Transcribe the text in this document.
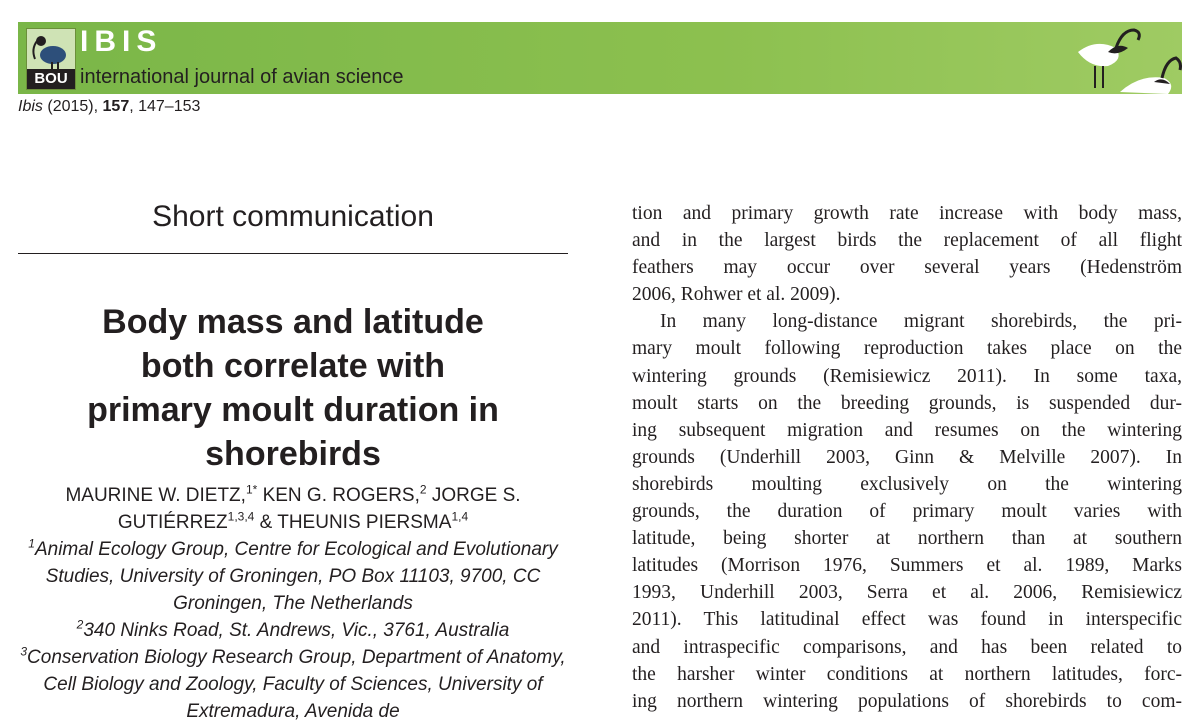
BOU
IBIS
international journal of avian science
Ibis (2015), 157, 147–153
Short communication
Body mass and latitude
both correlate with
primary moult duration in
shorebirds
MAURINE W. DIETZ,$^{1*}$ KEN G. ROGERS,$^2$ JORGE S. GUTIÉRREZ$^{1,3,4}$ & THEUNIS PIERSMA$^{1,4}$
$^1$Animal Ecology Group, Centre for Ecological and Evolutionary Studies, University of Groningen, PO Box 11103, 9700, CC Groningen, The Netherlands
$^2$340 Ninks Road, St. Andrews, Vic., 3761, Australia
$^3$Conservation Biology Research Group, Department of Anatomy, Cell Biology and Zoology, Faculty of Sciences, University of Extremadura, Avenida de

tion and primary growth rate increase with body mass,

and in the largest birds the replacement of all flight

feathers may occur over several years (Hedenström

2006, Rohwer et al. 2009).

In many long-distance migrant shorebirds, the pri-

mary moult following reproduction takes place on the

wintering grounds (Remisiewicz 2011). In some taxa,

moult starts on the breeding grounds, is suspended dur-

ing subsequent migration and resumes on the wintering

grounds (Underhill 2003, Ginn & Melville 2007). In

shorebirds moulting exclusively on the wintering

grounds, the duration of primary moult varies with

latitude, being shorter at northern than at southern

latitudes (Morrison 1976, Summers et al. 1989, Marks

1993, Underhill 2003, Serra et al. 2006, Remisiewicz

2011). This latitudinal effect was found in interspecific

and intraspecific comparisons, and has been related to

the harsher winter conditions at northern latitudes, forc-

ing northern wintering populations of shorebirds to com-
